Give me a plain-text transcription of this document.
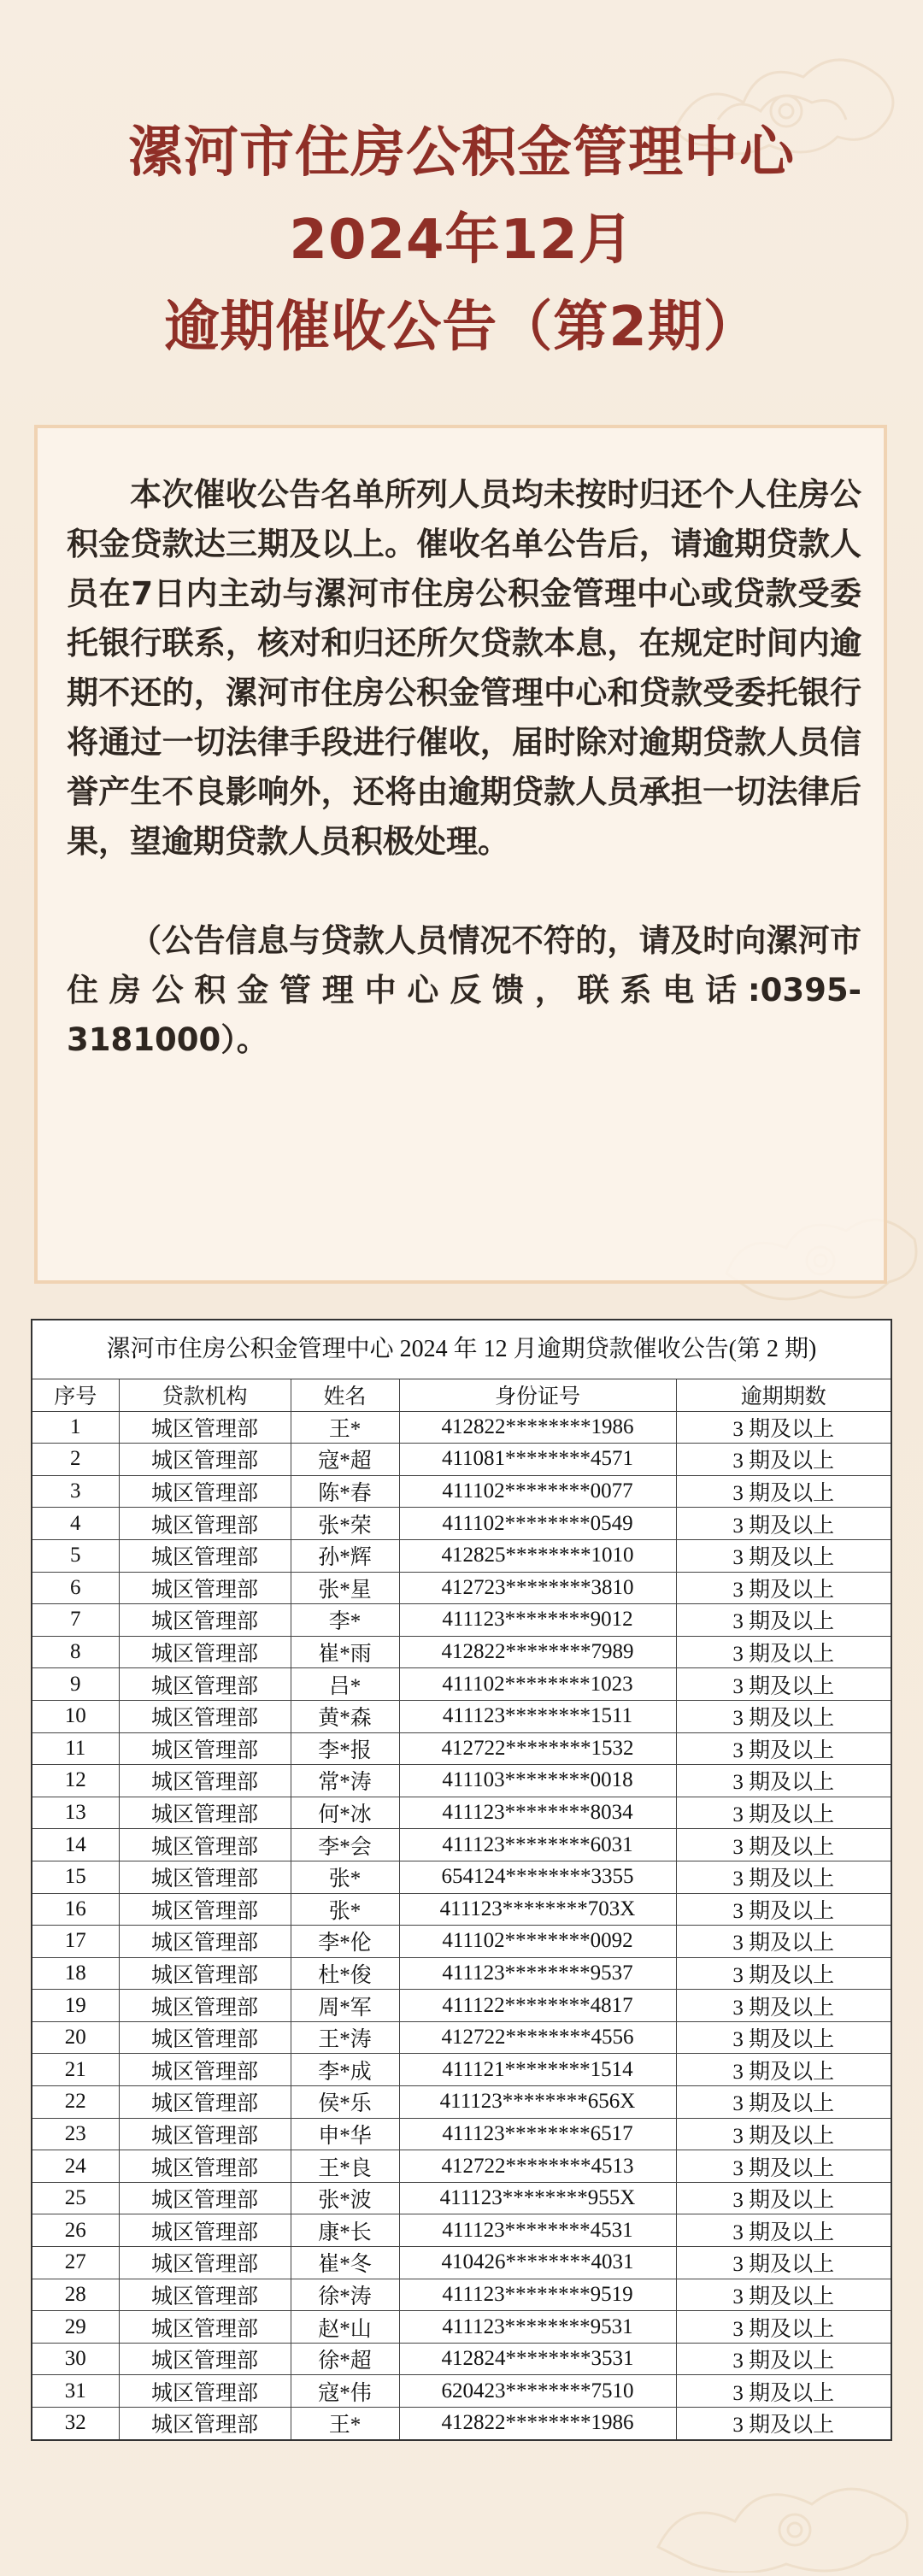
漯河市住房公积金管理中心
2024年12月
逾期催收公告（第2期）

本次催收公告名单所列人员均未按时归还个人住房公积金贷款达三期及以上。催收名单公告后，请逾期贷款人员在7日内主动与漯河市住房公积金管理中心或贷款受委托银行联系，核对和归还所欠贷款本息，在规定时间内逾期不还的，漯河市住房公积金管理中心和贷款受委托银行将通过一切法律手段进行催收，届时除对逾期贷款人员信誉产生不良影响外，还将由逾期贷款人员承担一切法律后果，望逾期贷款人员积极处理。

（公告信息与贷款人员情况不符的，请及时向漯河市住房公积金管理中心反馈，联系电话:0395-3181000）。

漯河市住房公积金管理中心 2024 年 12 月逾期贷款催收公告(第 2 期)
序号	贷款机构	姓名	身份证号	逾期期数
1	城区管理部	王*	412822********1986	3 期及以上
2	城区管理部	寇*超	411081********4571	3 期及以上
3	城区管理部	陈*春	411102********0077	3 期及以上
4	城区管理部	张*荣	411102********0549	3 期及以上
5	城区管理部	孙*辉	412825********1010	3 期及以上
6	城区管理部	张*星	412723********3810	3 期及以上
7	城区管理部	李*	411123********9012	3 期及以上
8	城区管理部	崔*雨	412822********7989	3 期及以上
9	城区管理部	吕*	411102********1023	3 期及以上
10	城区管理部	黄*森	411123********1511	3 期及以上
11	城区管理部	李*报	412722********1532	3 期及以上
12	城区管理部	常*涛	411103********0018	3 期及以上
13	城区管理部	何*冰	411123********8034	3 期及以上
14	城区管理部	李*会	411123********6031	3 期及以上
15	城区管理部	张*	654124********3355	3 期及以上
16	城区管理部	张*	411123********703X	3 期及以上
17	城区管理部	李*伦	411102********0092	3 期及以上
18	城区管理部	杜*俊	411123********9537	3 期及以上
19	城区管理部	周*军	411122********4817	3 期及以上
20	城区管理部	王*涛	412722********4556	3 期及以上
21	城区管理部	李*成	411121********1514	3 期及以上
22	城区管理部	侯*乐	411123********656X	3 期及以上
23	城区管理部	申*华	411123********6517	3 期及以上
24	城区管理部	王*良	412722********4513	3 期及以上
25	城区管理部	张*波	411123********955X	3 期及以上
26	城区管理部	康*长	411123********4531	3 期及以上
27	城区管理部	崔*冬	410426********4031	3 期及以上
28	城区管理部	徐*涛	411123********9519	3 期及以上
29	城区管理部	赵*山	411123********9531	3 期及以上
30	城区管理部	徐*超	412824********3531	3 期及以上
31	城区管理部	寇*伟	620423********7510	3 期及以上
32	城区管理部	王*	412822********1986	3 期及以上
